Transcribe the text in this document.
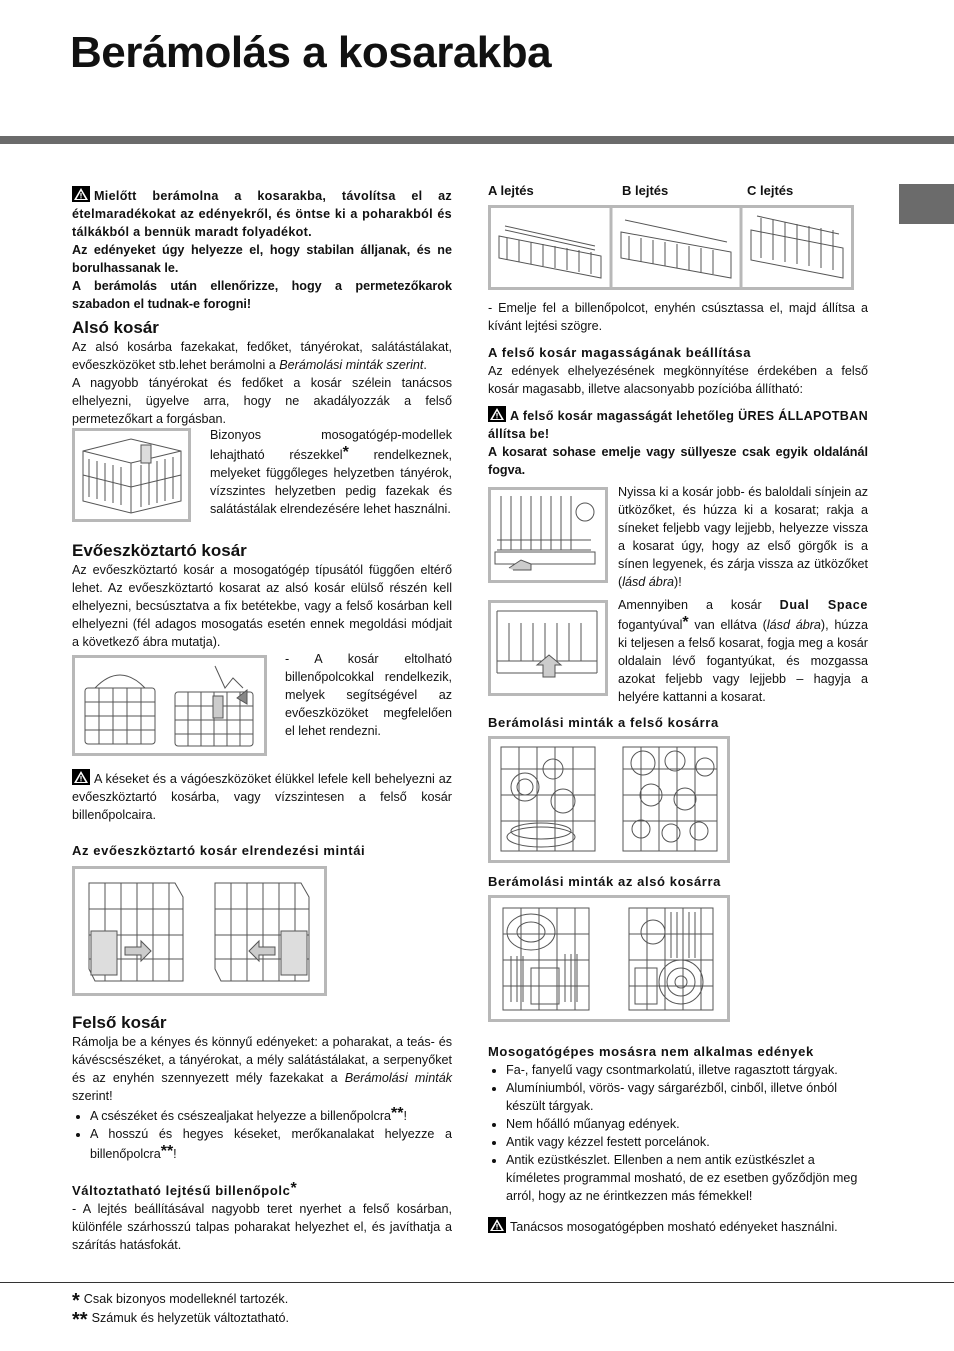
Berámolás a kosarakba

Mielőtt berámolna a kosarakba, távolítsa el az ételmaradékokat az edényekről, és öntse ki a poharakból és tálkákból a bennük maradt folyadékot.

Az edényeket úgy helyezze el, hogy stabilan álljanak, és ne borulhassanak le.

A berámolás után ellenőrizze, hogy a permetezőkarok szabadon el tudnak-e forogni!

Alsó kosár

Az alsó kosárba fazekakat, fedőket, tányérokat, salátástálakat, evőeszközöket stb.lehet berámolni a Berámolási minták szerint.

A nagyobb tányérokat és fedőket a kosár szélein tanácsos elhelyezni, ügyelve arra, hogy ne akadályozzák a felső permetezőkart a forgásban.

Bizonyos mosogatógép-modellek lehajtható részekkel* rendelkeznek, melyeket függőleges helyzetben tányérok, vízszintes helyzetben pedig fazekak és salátástálak elrendezésére lehet használni.

Evőeszköztartó kosár

Az evőeszköztartó kosár a mosogatógép típusától függően eltérő lehet. Az evőeszköztartó kosarat az alsó kosár elülső részén kell elhelyezni, becsúsztatva a fix betétekbe, vagy a felső kosárban kell elhelyezni (fél adagos mosogatás esetén ennek megoldási módjait a következő ábra mutatja).

- A kosár eltolható billenőpolcokkal rendelkezik, melyek segítségével az evőeszközöket megfelelően el lehet rendezni.

A késeket és a vágóeszközöket élükkel lefele kell behelyezni az evőeszköztartó kosárba, vagy vízszintesen a felső kosár billenőpolcaira.

Az evőeszköztartó kosár elrendezési mintái
Felső kosár

Rámolja be a kényes és könnyű edényeket: a poharakat, a teás- és kávéscsészéket, a tányérokat, a mély salátástálakat, a serpenyőket és az enyhén szennyezett mély fazekakat a Berámolási minták szerint!

• A csészéket és csészealjakat helyezze a billenőpolcra**!
• A hosszú és hegyes késeket, merőkanalakat helyezze a billenőpolcra**!
Változtatható lejtésű billenőpolc*

- A lejtés beállításával nagyobb teret nyerhet a felső kosárban, különféle szárhosszú talpas poharakat helyezhet el, és javíthatja a szárítás hatásfokát.

A lejtés	B lejtés	C lejtés

- Emelje fel a billenőpolcot, enyhén csúsztassa el, majd állítsa a kívánt lejtési szögre.

A felső kosár magasságának beállítása

Az edények elhelyezésének megkönnyítése érdekében a felső kosár magasabb, illetve alacsonyabb pozícióba állítható:

A felső kosár magasságát lehetőleg ÜRES ÁLLAPOTBAN állítsa be!

A kosarat sohase emelje vagy süllyesze csak egyik oldalánál fogva.

Nyissa ki a kosár jobb- és baloldali sínjein az ütközőket, és húzza ki a kosarat; rakja a síneket feljebb vagy lejjebb, helyezze vissza a kosarat úgy, hogy az első görgők is a sínen legyenek, és zárja vissza az ütközőket (lásd ábra)!

Amennyiben a kosár Dual Space fogantyúval* van ellátva (lásd ábra), húzza ki teljesen a felső kosarat, fogja meg a kosár oldalain lévő fogantyúkat, és mozgassa azokat feljebb vagy lejjebb – hagyja a helyére kattanni a kosarat.

Berámolási minták a felső kosárra
Berámolási minták az alsó kosárra
Mosogatógépes mosásra nem alkalmas edények
• Fa-, fanyelű vagy csontmarkolatú, illetve ragasztott tárgyak.
• Alumíniumból, vörös- vagy sárgarézből, cinből, illetve ónból készült tárgyak.
• Nem hőálló műanyag edények.
• Antik vagy kézzel festett porcelánok.
• Antik ezüstkészlet. Ellenben a nem antik ezüstkészlet a kíméletes programmal mosható, de ez esetben győződjön meg arról, hogy az ne érintkezzen más fémekkel!

Tanácsos mosogatógépben mosható edényeket használni.

* Csak bizonyos modelleknél tartozék.
** Számuk és helyzetük változtatható.
